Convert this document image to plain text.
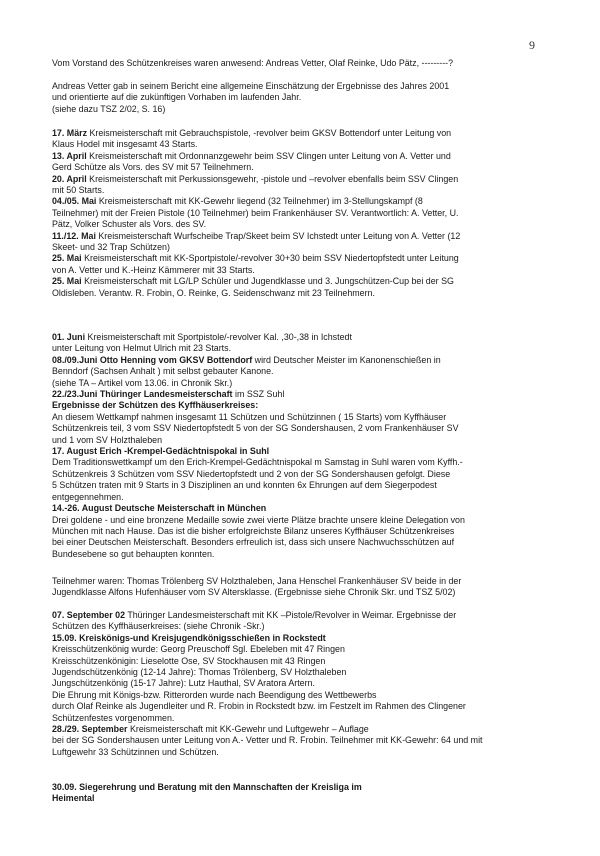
9

Vom Vorstand des Schützenkreises waren anwesend: Andreas Vetter, Olaf Reinke, Udo Pätz, ---------?

Andreas Vetter gab in seinem Bericht eine allgemeine Einschätzung der Ergebnisse des Jahres 2001

und orientierte auf die zukünftigen Vorhaben im laufenden Jahr.

(siehe dazu TSZ 2/02, S. 16)

17. März Kreismeisterschaft mit Gebrauchspistole, -revolver beim GKSV Bottendorf unter Leitung von

Klaus Hodel mit insgesamt 43 Starts.

13. April Kreismeisterschaft mit Ordonnanzgewehr beim SSV Clingen unter Leitung von A. Vetter und

Gerd Schütze als Vors. des SV mit 57 Teilnehmern.

20. April Kreismeisterschaft mit Perkussionsgewehr, -pistole und –revolver ebenfalls beim SSV Clingen

mit 50 Starts.

04./05. Mai Kreismeisterschaft mit KK-Gewehr liegend (32 Teilnehmer) im 3-Stellungskampf (8

Teilnehmer) mit der Freien Pistole (10 Teilnehmer) beim Frankenhäuser SV. Verantwortlich: A. Vetter, U.

Pätz, Volker Schuster als Vors. des SV.

11./12. Mai Kreismeisterschaft Wurfscheibe Trap/Skeet beim SV Ichstedt unter Leitung von A. Vetter (12

Skeet- und 32 Trap Schützen)

25. Mai Kreismeisterschaft mit KK-Sportpistole/-revolver 30+30 beim SSV Niedertopfstedt unter Leitung

von A. Vetter und K.-Heinz Kämmerer mit 33 Starts.

25. Mai Kreismeisterschaft mit LG/LP Schüler und Jugendklasse und 3. Jungschützen-Cup bei der SG

Oldisleben. Verantw. R. Frobin, O. Reinke, G. Seidenschwanz mit 23 Teilnehmern.

01. Juni Kreismeisterschaft mit Sportpistole/-revolver Kal. ,30-,38 in Ichstedt

unter Leitung von Helmut Ulrich mit 23 Starts.

08./09.Juni Otto Henning vom GKSV Bottendorf wird Deutscher Meister im Kanonenschießen in

Benndorf (Sachsen Anhalt ) mit selbst gebauter Kanone.

(siehe TA – Artikel vom 13.06. in Chronik Skr.)

22./23.Juni Thüringer Landesmeisterschaft im SSZ Suhl

Ergebnisse der Schützen des Kyffhäuserkreises:

An diesem Wettkampf nahmen insgesamt 11 Schützen und Schützinnen ( 15 Starts) vom Kyffhäuser

Schützenkreis teil, 3 vom SSV Niedertopfstedt 5 von der SG Sondershausen, 2 vom Frankenhäuser SV

und 1 vom SV Holzthaleben

17. August Erich -Krempel-Gedächtnispokal in Suhl

Dem Traditionswettkampf um den Erich-Krempel-Gedächtnispokal m Samstag in Suhl waren vom Kyffh.-

Schützenkreis 3 Schützen vom SSV Niedertopfstedt und 2 von der SG Sondershausen gefolgt. Diese

5 Schützen traten mit 9 Starts in 3 Disziplinen an und konnten 6x Ehrungen auf dem Siegerpodest

entgegennehmen.

14.-26. August Deutsche Meisterschaft in München

Drei goldene - und eine bronzene Medaille sowie zwei vierte Plätze brachte unsere kleine Delegation von

München mit nach Hause. Das ist die bisher erfolgreichste Bilanz unseres Kyffhäuser Schützenkreises

bei einer Deutschen Meisterschaft. Besonders erfreulich ist, dass sich unsere Nachwuchsschützen auf

Bundesebene so gut behaupten konnten.

Teilnehmer waren: Thomas Trölenberg SV Holzthaleben, Jana Henschel Frankenhäuser SV beide in der

Jugendklasse Alfons Hufenhäuser vom SV Altersklasse. (Ergebnisse siehe Chronik Skr. und TSZ 5/02)

07. September 02 Thüringer Landesmeisterschaft mit KK –Pistole/Revolver in Weimar. Ergebnisse der

Schützen des Kyffhäuserkreises: (siehe Chronik -Skr.)

15.09. Kreiskönigs-und Kreisjugendkönigsschießen in Rockstedt

Kreisschützenkönig wurde: Georg Preuschoff Sgl. Ebeleben mit 47 Ringen

Kreisschützenkönigin: Lieselotte Ose, SV Stockhausen mit 43 Ringen

Jugendschützenkönig (12-14 Jahre): Thomas Trölenberg, SV Holzthaleben

Jungschützenkönig (15-17 Jahre): Lutz Hauthal, SV Aratora Artern.

Die Ehrung mit Königs-bzw. Ritterorden wurde nach Beendigung des Wettbewerbs

durch Olaf Reinke als Jugendleiter und R. Frobin in Rockstedt bzw. im Festzelt im Rahmen des Clingener

Schützenfestes vorgenommen.

28./29. September Kreismeisterschaft mit KK-Gewehr und Luftgewehr – Auflage

bei der SG Sondershausen unter Leitung von A.- Vetter und R. Frobin. Teilnehmer mit KK-Gewehr: 64 und mit

Luftgewehr 33 Schützinnen und Schützen.

30.09. Siegerehrung und Beratung mit den Mannschaften der Kreisliga im

Heimental
